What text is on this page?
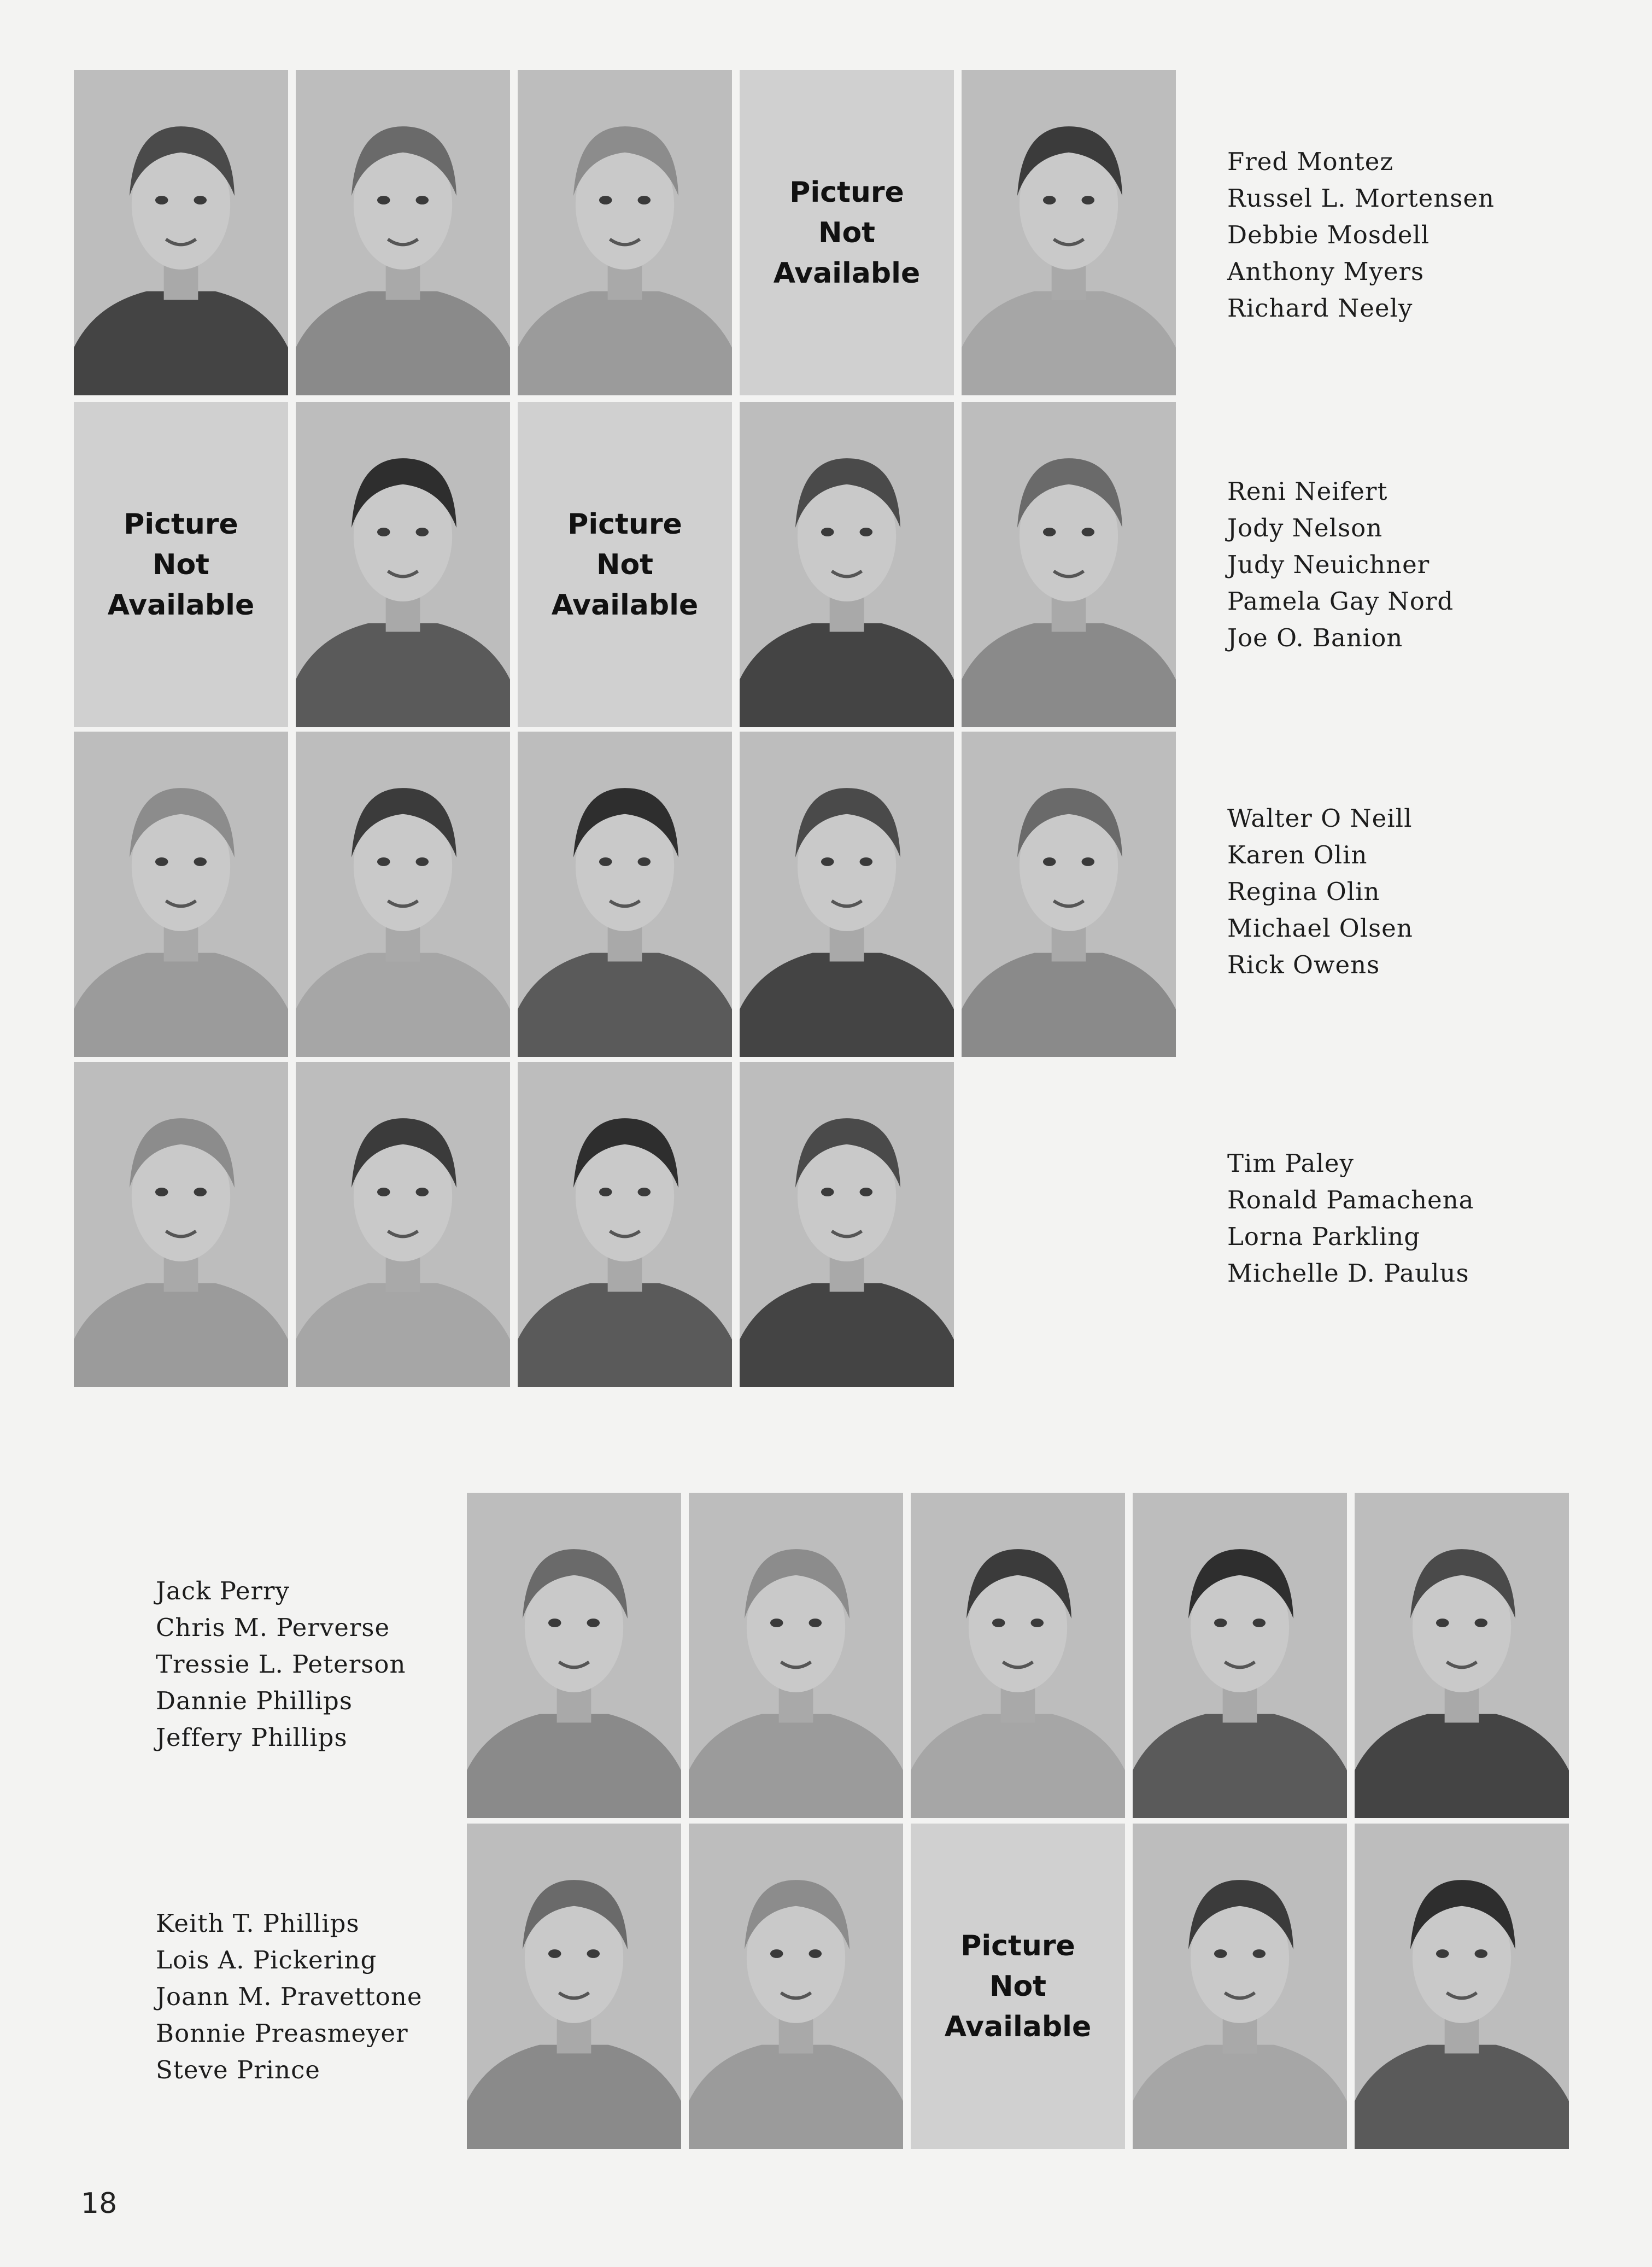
Picture
Not
Available
Picture
Not
Available
Picture
Not
Available
Picture
Not
Available
Fred Montez
Russel L. Mortensen
Debbie Mosdell
Anthony Myers
Richard Neely
Reni Neifert
Jody Nelson
Judy Neuichner
Pamela Gay Nord
Joe O. Banion
Walter O Neill
Karen Olin
Regina Olin
Michael Olsen
Rick Owens
Tim Paley
Ronald Pamachena
Lorna Parkling
Michelle D. Paulus
Jack Perry
Chris M. Perverse
Tressie L. Peterson
Dannie Phillips
Jeffery Phillips
Keith T. Phillips
Lois A. Pickering
Joann M. Pravettone
Bonnie Preasmeyer
Steve Prince
18
